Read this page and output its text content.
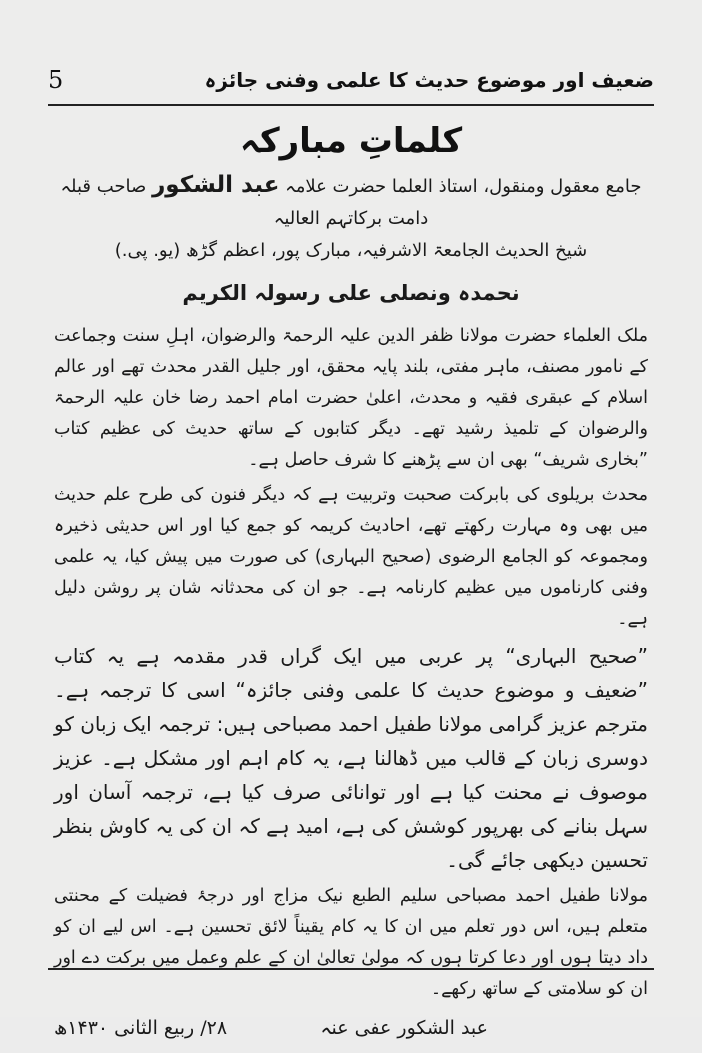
5	ضعیف اور موضوع حدیث کا علمی وفنی جائزہ
کلماتِ مبارکہ

جامع معقول ومنقول، استاذ العلما حضرت علامہ عبد الشکور صاحب قبلہ دامت برکاتہم العالیہ

شیخ الحدیث الجامعۃ الاشرفیہ، مبارک پور، اعظم گڑھ (یو. پی.)

نحمدہ ونصلی علی رسولہ الکریم

ملک العلماء حضرت مولانا ظفر الدین علیہ الرحمۃ والرضوان، اہلِ سنت وجماعت کے نامور مصنف، ماہر مفتی، بلند پایہ محقق، اور جلیل القدر محدث تھے اور عالم اسلام کے عبقری فقیہ و محدث، اعلیٰ حضرت امام احمد رضا خان علیہ الرحمۃ والرضوان کے تلمیذ رشید تھے۔ دیگر کتابوں کے ساتھ حدیث کی عظیم کتاب ”بخاری شریف“ بھی ان سے پڑھنے کا شرف حاصل ہے۔

محدث بریلوی کی بابرکت صحبت وتربیت ہے کہ دیگر فنون کی طرح علم حدیث میں بھی وہ مہارت رکھتے تھے، احادیث کریمہ کو جمع کیا اور اس حدیثی ذخیرہ ومجموعہ کو الجامع الرضوی (صحیح البہاری) کی صورت میں پیش کیا، یہ علمی وفنی کارناموں میں عظیم کارنامہ ہے۔ جو ان کی محدثانہ شان پر روشن دلیل ہے۔

”صحیح البہاری“ پر عربی میں ایک گراں قدر مقدمہ ہے یہ کتاب ”ضعیف و موضوع حدیث کا علمی وفنی جائزہ“ اسی کا ترجمہ ہے۔ مترجم عزیز گرامی مولانا طفیل احمد مصباحی ہیں: ترجمہ ایک زبان کو دوسری زبان کے قالب میں ڈھالنا ہے، یہ کام اہم اور مشکل ہے۔ عزیز موصوف نے محنت کیا ہے اور توانائی صرف کیا ہے، ترجمہ آسان اور سہل بنانے کی بھرپور کوشش کی ہے، امید ہے کہ ان کی یہ کاوش بنظر تحسین دیکھی جائے گی۔

مولانا طفیل احمد مصباحی سلیم الطبع نیک مزاج اور درجۂ فضیلت کے محنتی متعلم ہیں، اس دور تعلم میں ان کا یہ کام یقیناً لائق تحسین ہے۔ اس لیے ان کو داد دیتا ہوں اور دعا کرتا ہوں کہ مولیٰ تعالیٰ ان کے علم وعمل میں برکت دے اور ان کو سلامتی کے ساتھ رکھے۔

عبد الشکور عفی عنہ
۲۸/ ربیع الثانی ۱۴۳۰ھ
